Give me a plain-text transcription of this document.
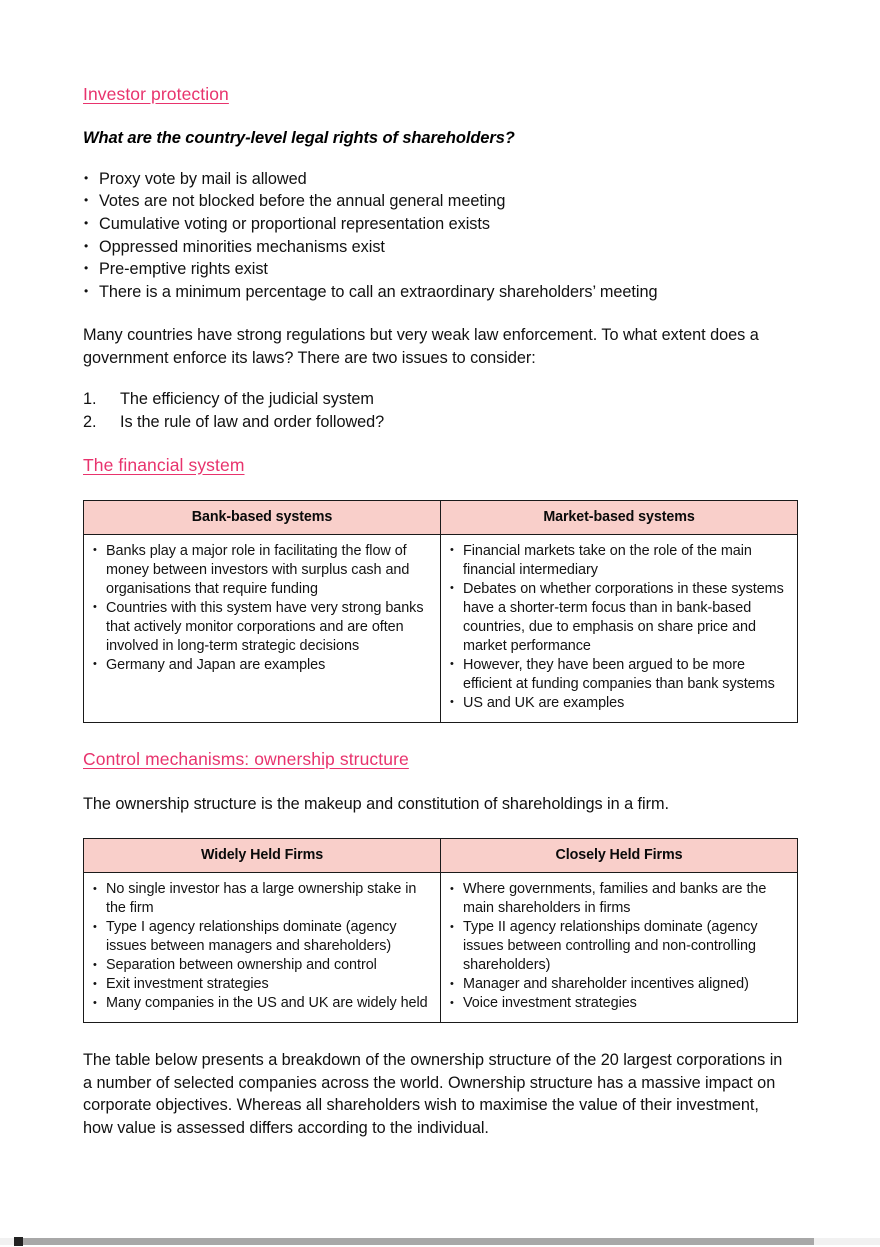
Investor protection
What are the country-level legal rights of shareholders?
• Proxy vote by mail is allowed
• Votes are not blocked before the annual general meeting
• Cumulative voting or proportional representation exists
• Oppressed minorities mechanisms exist
• Pre-emptive rights exist
• There is a minimum percentage to call an extraordinary shareholders’ meeting
Many countries have strong regulations but very weak law enforcement. To what extent does a government enforce its laws? There are two issues to consider:
The efficiency of the judicial system
Is the rule of law and order followed?
The financial system
Bank-based systems	Market-based systems

• Banks play a major role in facilitating the flow of money between investors with surplus cash and organisations that require funding
• Countries with this system have very strong banks that actively monitor corporations and are often involved in long-term strategic decisions
• Germany and Japan are examples

• Financial markets take on the role of the main financial intermediary
• Debates on whether corporations in these systems have a shorter-term focus than in bank-based countries, due to emphasis on share price and market performance
• However, they have been argued to be more efficient at funding companies than bank systems
• US and UK are examples
Control mechanisms: ownership structure
The ownership structure is the makeup and constitution of shareholdings in a firm.
Widely Held Firms	Closely Held Firms

• No single investor has a large ownership stake in the firm
• Type I agency relationships dominate (agency issues between managers and shareholders)
• Separation between ownership and control
• Exit investment strategies
• Many companies in the US and UK are widely held

• Where governments, families and banks are the main shareholders in firms
• Type II agency relationships dominate (agency issues between controlling and non-controlling shareholders)
• Manager and shareholder incentives aligned)
• Voice investment strategies
The table below presents a breakdown of the ownership structure of the 20 largest corporations in a number of selected companies across the world. Ownership structure has a massive impact on corporate objectives. Whereas all shareholders wish to maximise the value of their investment, how value is assessed differs according to the individual.
